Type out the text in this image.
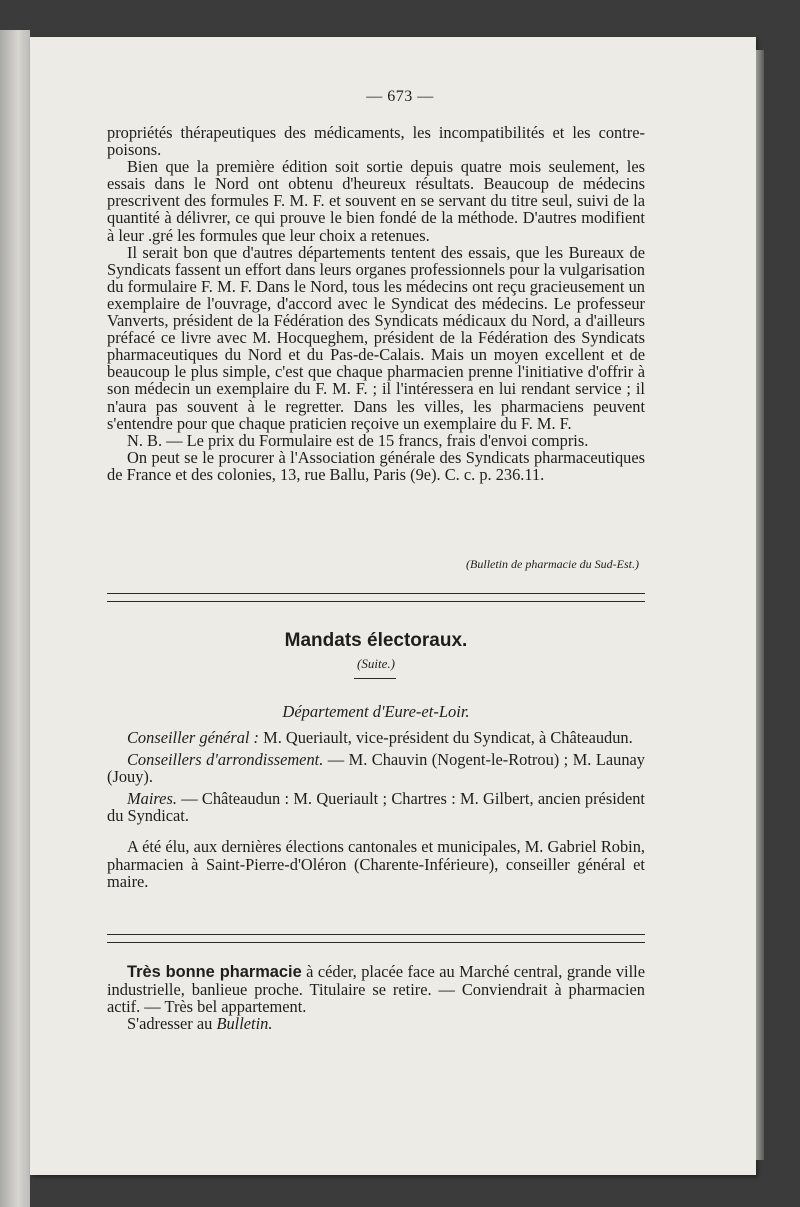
— 673 —

propriétés thérapeutiques des médicaments, les incompatibilités et les contre-poisons.

Bien que la première édition soit sortie depuis quatre mois seulement, les essais dans le Nord ont obtenu d'heureux résultats. Beaucoup de médecins prescrivent des formules F. M. F. et souvent en se servant du titre seul, suivi de la quantité à délivrer, ce qui prouve le bien fondé de la méthode. D'autres modifient à leur .gré les formules que leur choix a retenues.

Il serait bon que d'autres départements tentent des essais, que les Bureaux de Syndicats fassent un effort dans leurs organes professionnels pour la vulgarisation du formulaire F. M. F. Dans le Nord, tous les médecins ont reçu gracieusement un exemplaire de l'ouvrage, d'accord avec le Syndicat des médecins. Le professeur Vanverts, président de la Fédération des Syndicats médicaux du Nord, a d'ailleurs préfacé ce livre avec M. Hocqueghem, président de la Fédération des Syndicats pharmaceutiques du Nord et du Pas-de-Calais. Mais un moyen excellent et de beaucoup le plus simple, c'est que chaque pharmacien prenne l'initiative d'offrir à son médecin un exemplaire du F. M. F. ; il l'intéressera en lui rendant service ; il n'aura pas souvent à le regretter. Dans les villes, les pharmaciens peuvent s'entendre pour que chaque praticien reçoive un exemplaire du F. M. F.

N. B. — Le prix du Formulaire est de 15 francs, frais d'envoi compris.

On peut se le procurer à l'Association générale des Syndicats pharmaceutiques de France et des colonies, 13, rue Ballu, Paris (9e). C. c. p. 236.11.

(Bulletin de pharmacie du Sud-Est.)
Mandats électoraux.
(Suite.)
Département d'Eure-et-Loir.

Conseiller général : M. Queriault, vice-président du Syndicat, à Châteaudun.

Conseillers d'arrondissement. — M. Chauvin (Nogent-le-Rotrou) ; M. Launay (Jouy).

Maires. — Châteaudun : M. Queriault ; Chartres : M. Gilbert, ancien président du Syndicat.

A été élu, aux dernières élections cantonales et municipales, M. Gabriel Robin, pharmacien à Saint-Pierre-d'Oléron (Charente-Inférieure), conseiller général et maire.

Très bonne pharmacie à céder, placée face au Marché central, grande ville industrielle, banlieue proche. Titulaire se retire. — Conviendrait à pharmacien actif. — Très bel appartement.

S'adresser au Bulletin.
